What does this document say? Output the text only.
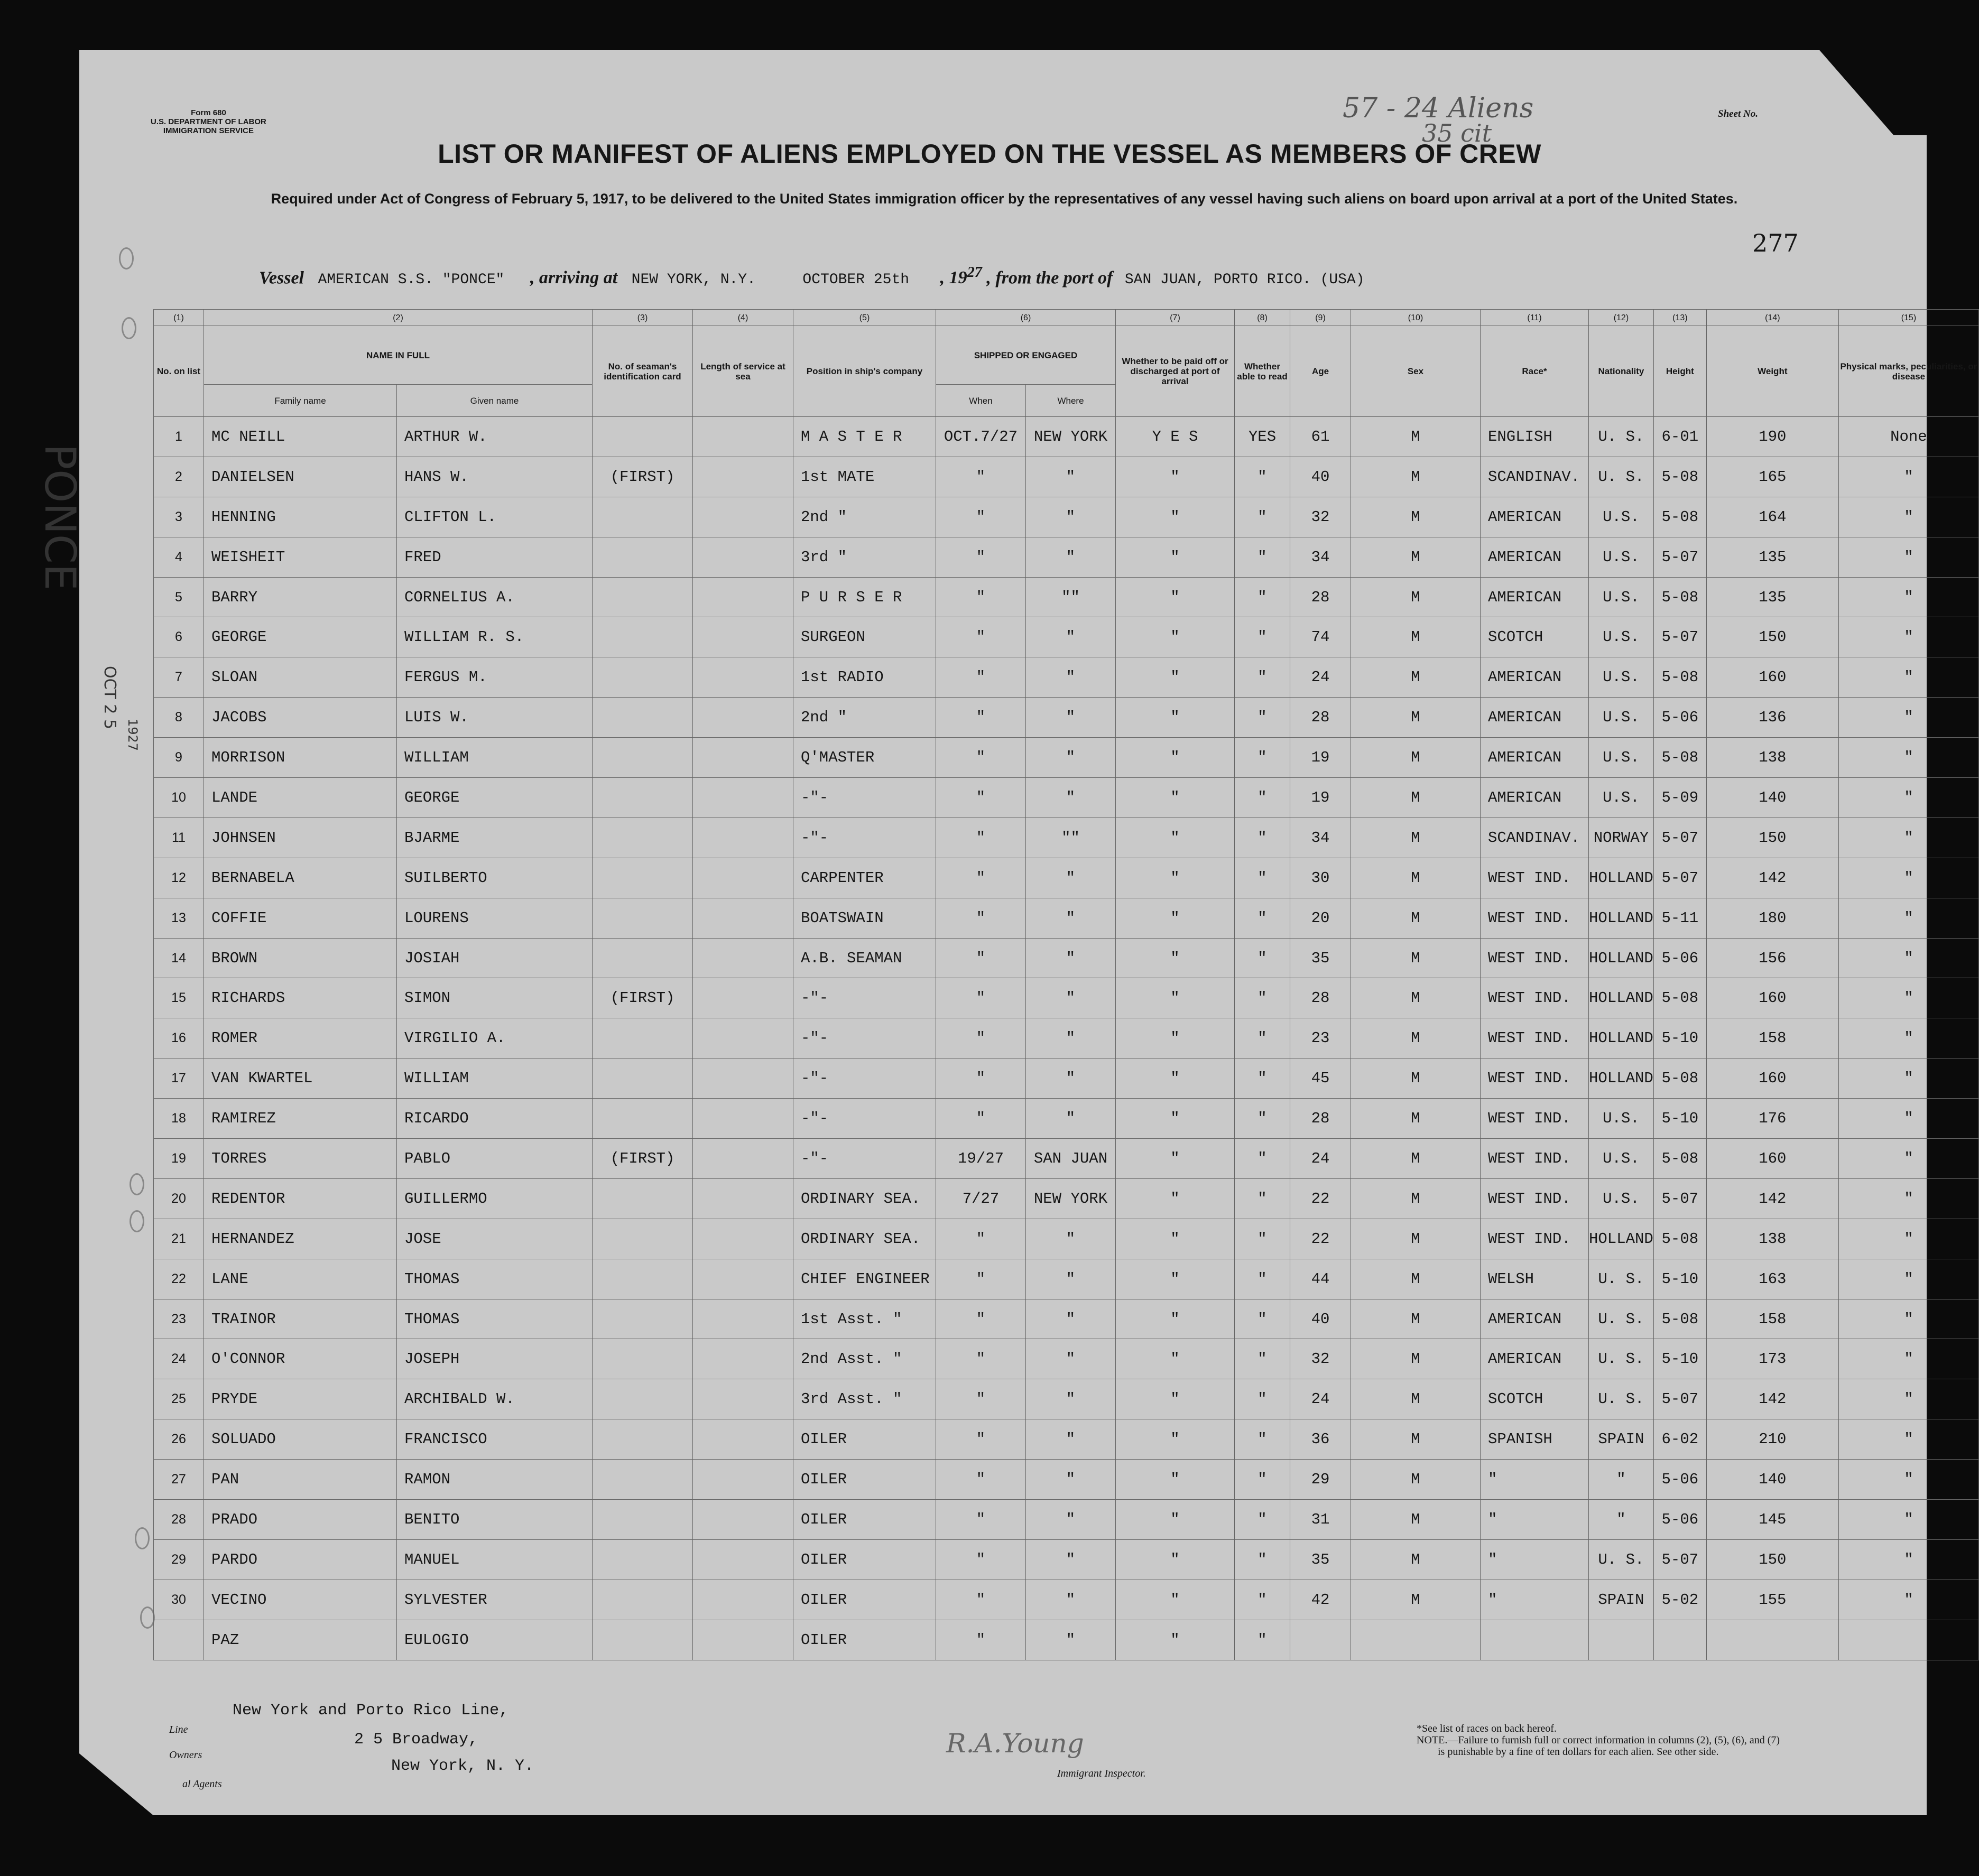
Form 680
U.S. DEPARTMENT OF LABOR
IMMIGRATION SERVICE
Sheet No.
57 - 24 Aliens
35 cit
LIST OR MANIFEST OF ALIENS EMPLOYED ON THE VESSEL AS MEMBERS OF CREW
Required under Act of Congress of February 5, 1917, to be delivered to the United States immigration officer by the representatives of any vessel having such aliens on board upon arrival at a port of the United States.
277
Vessel AMERICAN S.S. "PONCE" , arriving at NEW YORK, N.Y.	OCTOBER 25th , $19^{27}$ , from the port of SAN JUAN, PORTO RICO. (USA)
PONCE
OCT 2 5
1927
(1)	(2)		(3)	(4)	(5)	(6)		(7)	(8)	(9)	(10)	(11)	(12)	(13)	(14)	(15)
No. on list	NAME IN FULL		No. of seaman's identification card	Length of service at sea	Position in ship's company	SHIPPED OR ENGAGED		Whether to be paid off or discharged at port of arrival	Whether able to read	Age	Sex	Race*	Nationality	Height	Weight	Physical marks, peculiarities, or disease
	Family name	Given name				When	Where									
1	MC NEILL	ARTHUR W.			M A S T E R	OCT.7/27	NEW YORK	Y E S	YES	61	M	ENGLISH	U. S.	6-01	190	None
2	DANIELSEN	HANS W.	(FIRST)		1st MATE	"	"	"	"	40	M	SCANDINAV.	U. S.	5-08	165	"
3	HENNING	CLIFTON L.			2nd "	"	"	"	"	32	M	AMERICAN	U.S.	5-08	164	"
4	WEISHEIT	FRED			3rd "	"	"	"	"	34	M	AMERICAN	U.S.	5-07	135	"
5	BARRY	CORNELIUS A.			P U R S E R	"	""	"	"	28	M	AMERICAN	U.S.	5-08	135	"
6	GEORGE	WILLIAM R. S.			SURGEON	"	"	"	"	74	M	SCOTCH	U.S.	5-07	150	"
7	SLOAN	FERGUS M.			1st RADIO	"	"	"	"	24	M	AMERICAN	U.S.	5-08	160	"
8	JACOBS	LUIS W.			2nd "	"	"	"	"	28	M	AMERICAN	U.S.	5-06	136	"
9	MORRISON	WILLIAM			Q'MASTER	"	"	"	"	19	M	AMERICAN	U.S.	5-08	138	"
10	LANDE	GEORGE			-"-	"	"	"	"	19	M	AMERICAN	U.S.	5-09	140	"
11	JOHNSEN	BJARME			-"-	"	""	"	"	34	M	SCANDINAV.	NORWAY	5-07	150	"
12	BERNABELA	SUILBERTO			CARPENTER	"	"	"	"	30	M	WEST IND.	HOLLAND	5-07	142	"
13	COFFIE	LOURENS			BOATSWAIN	"	"	"	"	20	M	WEST IND.	HOLLAND	5-11	180	"
14	BROWN	JOSIAH			A.B. SEAMAN	"	"	"	"	35	M	WEST IND.	HOLLAND	5-06	156	"
15	RICHARDS	SIMON	(FIRST)		-"-	"	"	"	"	28	M	WEST IND.	HOLLAND	5-08	160	"
16	ROMER	VIRGILIO A.			-"-	"	"	"	"	23	M	WEST IND.	HOLLAND	5-10	158	"
17	VAN KWARTEL	WILLIAM			-"-	"	"	"	"	45	M	WEST IND.	HOLLAND	5-08	160	"
18	RAMIREZ	RICARDO			-"-	"	"	"	"	28	M	WEST IND.	U.S.	5-10	176	"
19	TORRES	PABLO	(FIRST)		-"-	19/27	SAN JUAN	"	"	24	M	WEST IND.	U.S.	5-08	160	"
20	REDENTOR	GUILLERMO			ORDINARY SEA.	7/27	NEW YORK	"	"	22	M	WEST IND.	U.S.	5-07	142	"
21	HERNANDEZ	JOSE			ORDINARY SEA.	"	"	"	"	22	M	WEST IND.	HOLLAND	5-08	138	"
22	LANE	THOMAS			CHIEF ENGINEER	"	"	"	"	44	M	WELSH	U. S.	5-10	163	"
23	TRAINOR	THOMAS			1st Asst. "	"	"	"	"	40	M	AMERICAN	U. S.	5-08	158	"
24	O'CONNOR	JOSEPH			2nd Asst. "	"	"	"	"	32	M	AMERICAN	U. S.	5-10	173	"
25	PRYDE	ARCHIBALD W.			3rd Asst. "	"	"	"	"	24	M	SCOTCH	U. S.	5-07	142	"
26	SOLUADO	FRANCISCO			OILER	"	"	"	"	36	M	SPANISH	SPAIN	6-02	210	"
27	PAN	RAMON			OILER	"	"	"	"	29	M	"	"	5-06	140	"
28	PRADO	BENITO			OILER	"	"	"	"	31	M	"	"	5-06	145	"
29	PARDO	MANUEL			OILER	"	"	"	"	35	M	"	U. S.	5-07	150	"
30	VECINO	SYLVESTER			OILER	"	"	"	"	42	M	"	SPAIN	5-02	155	"
	PAZ	EULOGIO			OILER	"	"	"	"							
Line
New York and Porto Rico Line,
Owners
2 5 Broadway,
al Agents
New York, N. Y.
R.A.Young
Immigrant Inspector.
*See list of races on back hereof.
NOTE.—Failure to furnish full or correct information in columns (2), (5), (6), and (7)
is punishable by a fine of ten dollars for each alien. See other side.
